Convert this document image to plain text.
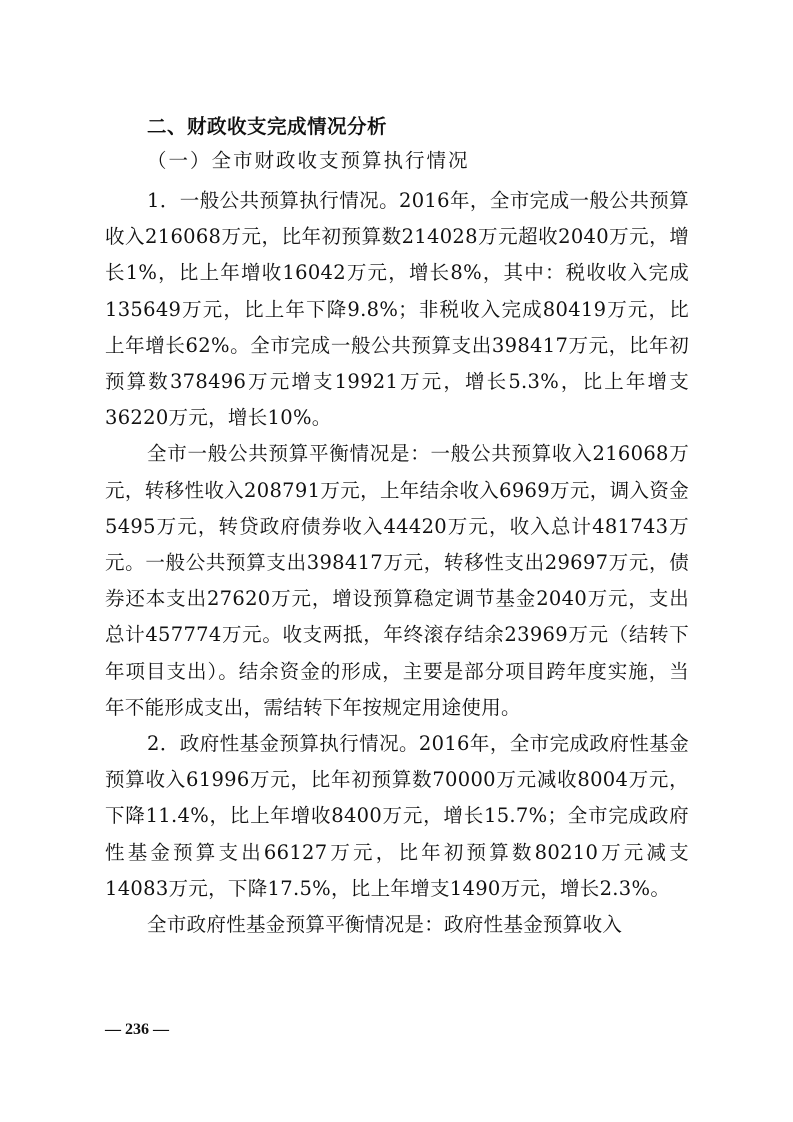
二、财政收支完成情况分析
（一）全市财政收支预算执行情况

1．一般公共预算执行情况。2016年，全市完成一般公共预算收入216068万元，比年初预算数214028万元超收2040万元，增长1%，比上年增收16042万元，增长8%，其中：税收收入完成135649万元，比上年下降9.8%；非税收入完成80419万元，比上年增长62%。全市完成一般公共预算支出398417万元，比年初预算数378496万元增支19921万元，增长5.3%，比上年增支36220万元，增长10%。

全市一般公共预算平衡情况是：一般公共预算收入216068万元，转移性收入208791万元，上年结余收入6969万元，调入资金5495万元，转贷政府债券收入44420万元，收入总计481743万元。一般公共预算支出398417万元，转移性支出29697万元，债券还本支出27620万元，增设预算稳定调节基金2040万元，支出总计457774万元。收支两抵，年终滚存结余23969万元（结转下年项目支出）。结余资金的形成，主要是部分项目跨年度实施，当年不能形成支出，需结转下年按规定用途使用。

2．政府性基金预算执行情况。2016年，全市完成政府性基金预算收入61996万元，比年初预算数70000万元减收8004万元，下降11.4%，比上年增收8400万元，增长15.7%；全市完成政府性基金预算支出66127万元，比年初预算数80210万元减支14083万元，下降17.5%，比上年增支1490万元，增长2.3%。

全市政府性基金预算平衡情况是：政府性基金预算收入

— 236 —
